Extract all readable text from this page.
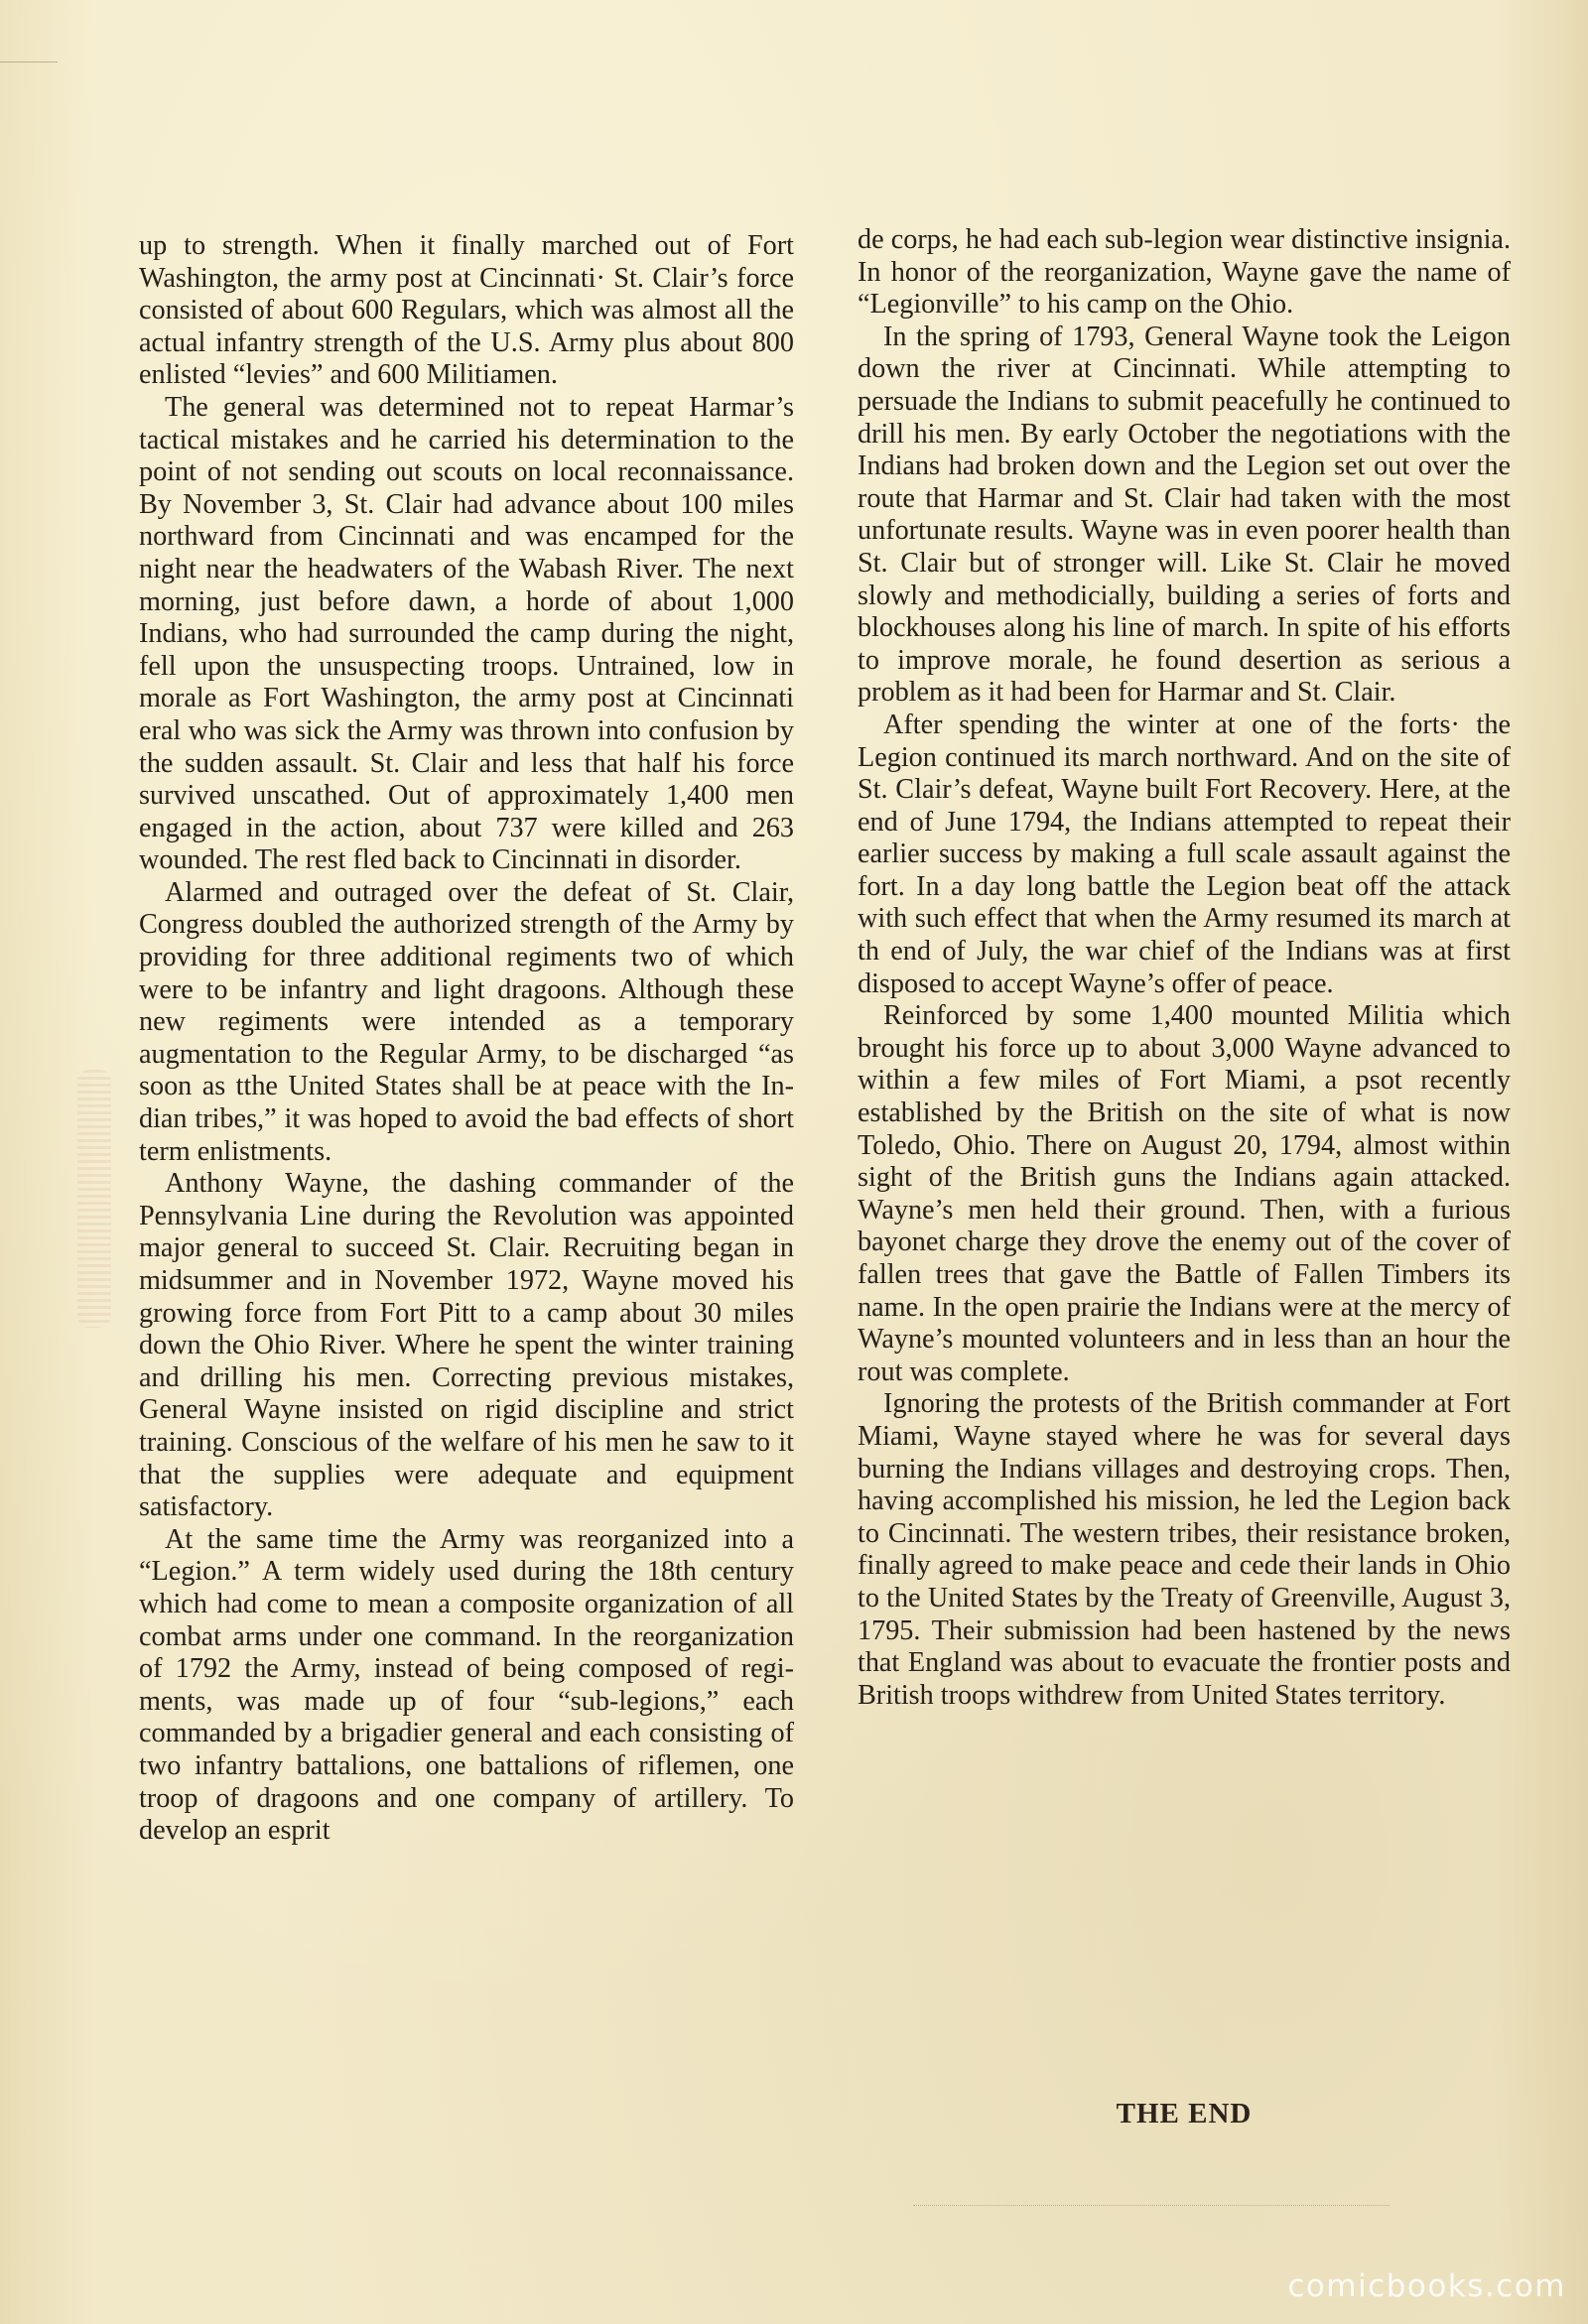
up to strength. When it finally marched out of Fort Washington, the army post at Cincinnati· St. Clair’s force consisted of about 600 Regulars, which was almost all the actual infantry strength of the U.S. Army plus about 800 enlisted “levies” and 600 Militiamen.

The general was determined not to repeat Harmar’s tactical mistakes and he carried his determination to the point of not sending out scouts on local reconnaissance. By November 3, St. Clair had advance about 100 miles northward from Cincinnati and was encamped for the night near the headwaters of the Wabash River. The next morning, just before dawn, a horde of about 1,000 Indians, who had surrounded the camp during the night, fell upon the unsuspecting troops. Untrained, low in morale as Fort Washington, the army post at Cincinnati eral who was sick the Army was thrown into confusion by the sudden assault. St. Clair and less that half his force survived unscathed. Out of approximately 1,400 men engaged in the action, about 737 were killed and 263 wounded. The rest fled back to Cincinnati in disorder.

Alarmed and outraged over the defeat of St. Clair, Congress doubled the authorized strength of the Army by providing for three additional regiments two of which were to be infantry and light dragoons. Although these new regiments were intended as a temporary augmentation to the Regular Army, to be discharged “as soon as tthe United States shall be at peace with the Indian tribes,” it was hoped to avoid the bad effects of short term enlistments.

Anthony Wayne, the dashing commander of the Pennsylvania Line during the Revolution was appointed major general to succeed St. Clair. Recruiting began in midsummer and in November 1972, Wayne moved his growing force from Fort Pitt to a camp about 30 miles down the Ohio River. Where he spent the winter training and drilling his men. Correcting previous mistakes, General Wayne insisted on rigid discipline and strict training. Conscious of the welfare of his men he saw to it that the supplies were adequate and equipment satisfactory.

At the same time the Army was reorganized into a “Legion.” A term widely used during the 18th century which had come to mean a composite organization of all combat arms under one command. In the reorganization of 1792 the Army, instead of being composed of regiments, was made up of four “sub-legions,” each commanded by a brigadier general and each consisting of two infantry battalions, one battalions of riflemen, one troop of dragoons and one company of artillery. To develop an esprit

de corps, he had each sub-legion wear distinctive insignia. In honor of the reorganization, Wayne gave the name of “Legionville” to his camp on the Ohio.

In the spring of 1793, General Wayne took the Leigon down the river at Cincinnati. While attempting to persuade the Indians to submit peacefully he continued to drill his men. By early October the negotiations with the Indians had broken down and the Legion set out over the route that Harmar and St. Clair had taken with the most unfortunate results. Wayne was in even poorer health than St. Clair but of stronger will. Like St. Clair he moved slowly and methodicially, building a series of forts and blockhouses along his line of march. In spite of his efforts to improve morale, he found desertion as serious a problem as it had been for Harmar and St. Clair.

After spending the winter at one of the forts· the Legion continued its march northward. And on the site of St. Clair’s defeat, Wayne built Fort Recovery. Here, at the end of June 1794, the Indians attempted to repeat their earlier success by making a full scale assault against the fort. In a day long battle the Legion beat off the attack with such effect that when the Army resumed its march at th end of July, the war chief of the Indians was at first disposed to accept Wayne’s offer of peace.

Reinforced by some 1,400 mounted Militia which brought his force up to about 3,000 Wayne advanced to within a few miles of Fort Miami, a psot recently established by the British on the site of what is now Toledo, Ohio. There on August 20, 1794, almost within sight of the British guns the Indians again attacked. Wayne’s men held their ground. Then, with a furious bayonet charge they drove the enemy out of the cover of fallen trees that gave the Battle of Fallen Timbers its name. In the open prairie the Indians were at the mercy of Wayne’s mounted volunteers and in less than an hour the rout was complete.

Ignoring the protests of the British commander at Fort Miami, Wayne stayed where he was for several days burning the Indians villages and destroying crops. Then, having accomplished his mission, he led the Legion back to Cincinnati. The western tribes, their resistance broken, finally agreed to make peace and cede their lands in Ohio to the United States by the Treaty of Greenville, August 3, 1795. Their submission had been hastened by the news that England was about to evacuate the frontier posts and British troops withdrew from United States territory.

THE END
comicbooks.com
